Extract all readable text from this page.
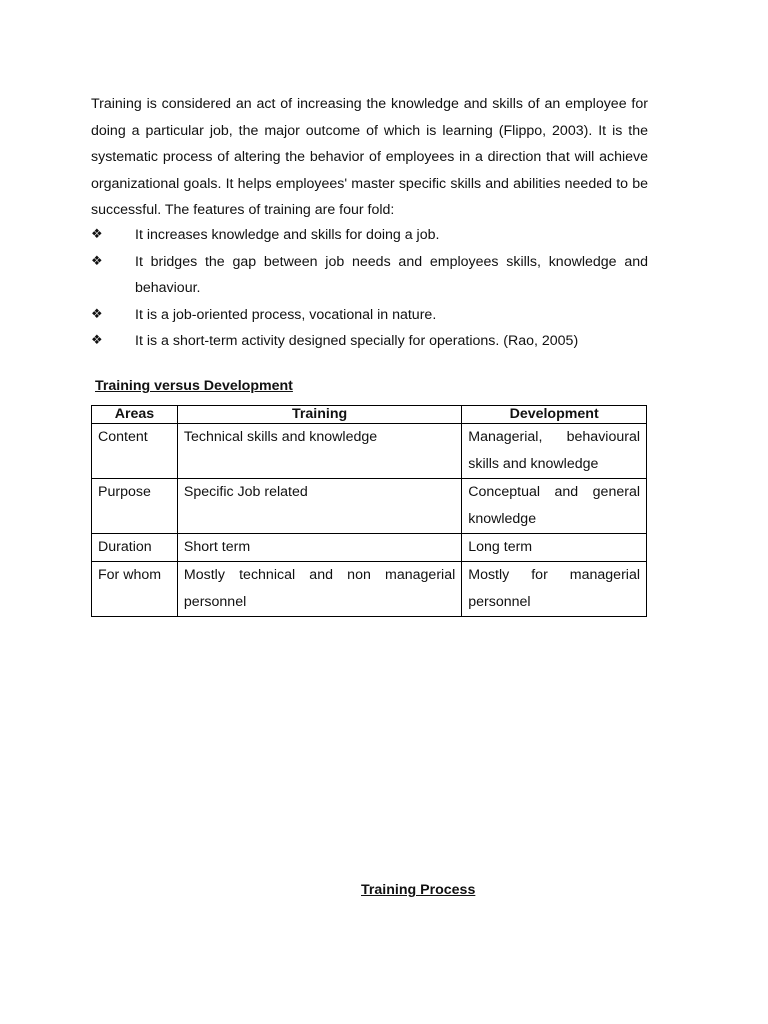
Training is considered an act of increasing the knowledge and skills of an employee for doing a particular job, the major outcome of which is learning (Flippo, 2003). It is the systematic process of altering the behavior of employees in a direction that will achieve organizational goals. It helps employees' master specific skills and abilities needed to be successful. The features of training are four fold:

❖	It increases knowledge and skills for doing a job.
❖	It bridges the gap between job needs and employees skills, knowledge and behaviour.
❖	It is a job-oriented process, vocational in nature.
❖	It is a short-term activity designed specially for operations. (Rao, 2005)

Training versus Development

Areas	Training	Development
Content	Technical skills and knowledge	Managerial, behavioural skills and knowledge
Purpose	Specific Job related	Conceptual and general knowledge
Duration	Short term	Long term
For whom	Mostly technical and non managerial personnel	Mostly for managerial personnel

Training Process
